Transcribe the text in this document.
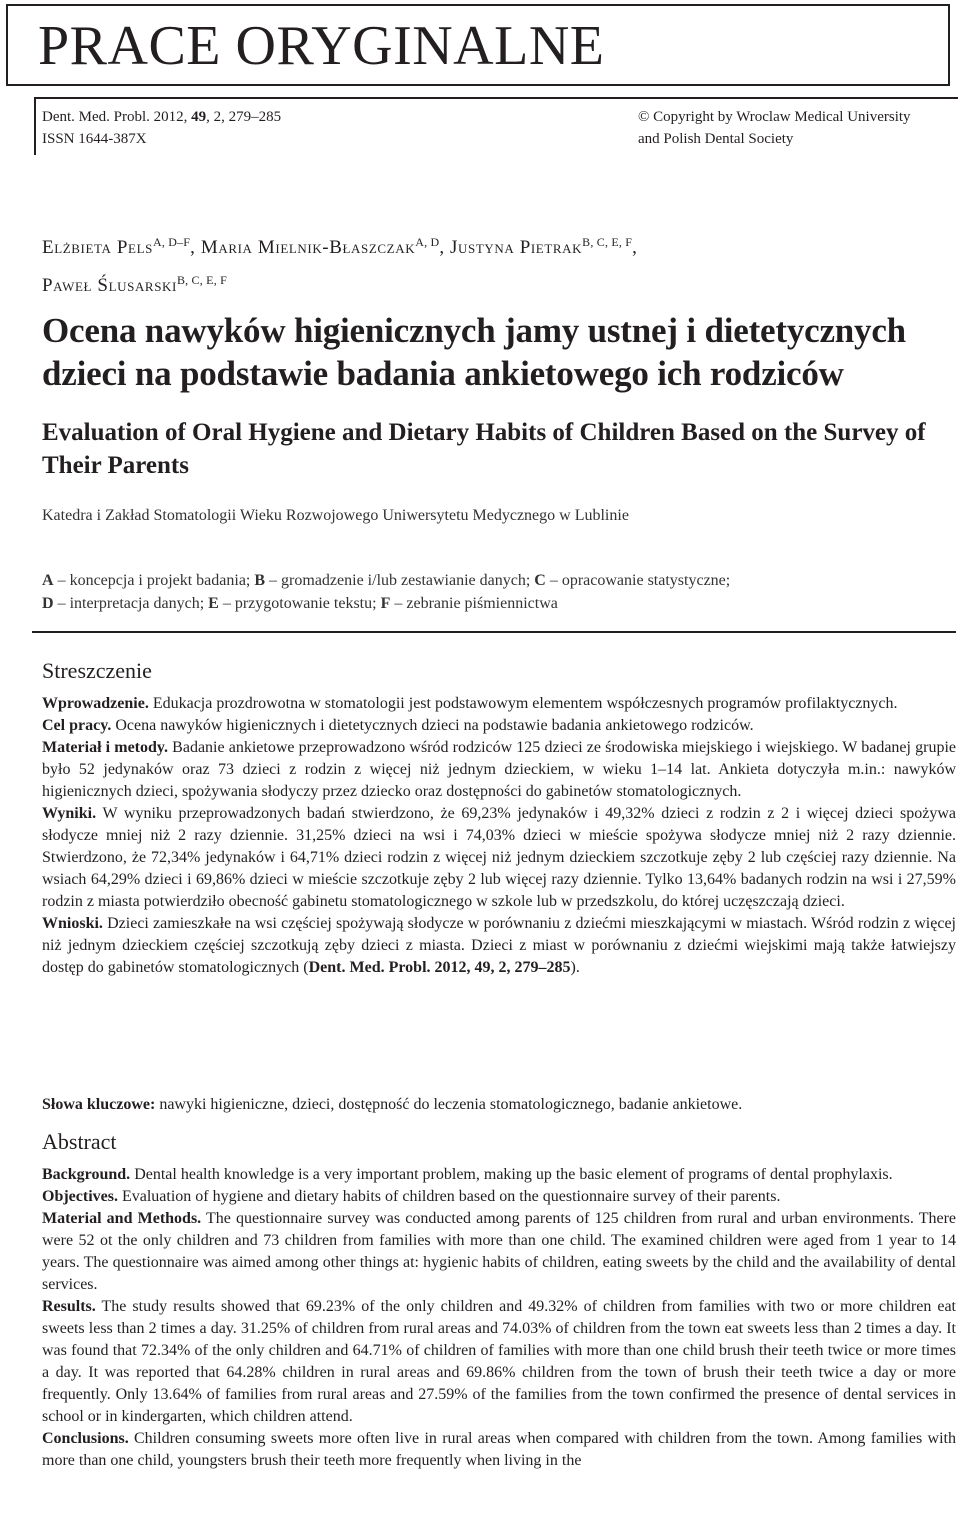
PRACE ORYGINALNE
Dent. Med. Probl. 2012, 49, 2, 279–285
ISSN 1644-387X
© Copyright by Wroclaw Medical University
and Polish Dental Society
Elżbieta Pels$^{A, D-F}$, Maria Mielnik-Błaszczak$^{A, D}$, Justyna Pietrak$^{B, C, E, F}$,
Paweł Ślusarski$^{B, C, E, F}$
Ocena nawyków higienicznych jamy ustnej i dietetycznych dzieci na podstawie badania ankietowego ich rodziców
Evaluation of Oral Hygiene and Dietary Habits of Children Based on the Survey of Their Parents
Katedra i Zakład Stomatologii Wieku Rozwojowego Uniwersytetu Medycznego w Lublinie
A – koncepcja i projekt badania; B – gromadzenie i/lub zestawianie danych; C – opracowanie statystyczne;
D – interpretacja danych; E – przygotowanie tekstu; F – zebranie piśmiennictwa
Streszczenie

Wprowadzenie. Edukacja prozdrowotna w stomatologii jest podstawowym elementem współczesnych programów profilaktycznych.

Cel pracy. Ocena nawyków higienicznych i dietetycznych dzieci na podstawie badania ankietowego rodziców.

Materiał i metody. Badanie ankietowe przeprowadzono wśród rodziców 125 dzieci ze środowiska miejskiego i wiejskiego. W badanej grupie było 52 jedynaków oraz 73 dzieci z rodzin z więcej niż jednym dzieckiem, w wieku 1–14 lat. Ankieta dotyczyła m.in.: nawyków higienicznych dzieci, spożywania słodyczy przez dziecko oraz dostępności do gabinetów stomatologicznych.

Wyniki. W wyniku przeprowadzonych badań stwierdzono, że 69,23% jedynaków i 49,32% dzieci z rodzin z 2 i więcej dzieci spożywa słodycze mniej niż 2 razy dziennie. 31,25% dzieci na wsi i 74,03% dzieci w mieście spożywa słodycze mniej niż 2 razy dziennie. Stwierdzono, że 72,34% jedynaków i 64,71% dzieci rodzin z więcej niż jednym dzieckiem szczotkuje zęby 2 lub częściej razy dziennie. Na wsiach 64,29% dzieci i 69,86% dzieci w mieście szczotkuje zęby 2 lub więcej razy dziennie. Tylko 13,64% badanych rodzin na wsi i 27,59% rodzin z miasta potwierdziło obecność gabinetu stomatologicznego w szkole lub w przedszkolu, do której uczęszczają dzieci.

Wnioski. Dzieci zamieszkałe na wsi częściej spożywają słodycze w porównaniu z dziećmi mieszkającymi w miastach. Wśród rodzin z więcej niż jednym dzieckiem częściej szczotkują zęby dzieci z miasta. Dzieci z miast w porównaniu z dziećmi wiejskimi mają także łatwiejszy dostęp do gabinetów stomatologicznych (Dent. Med. Probl. 2012, 49, 2, 279–285).

Słowa kluczowe: nawyki higieniczne, dzieci, dostępność do leczenia stomatologicznego, badanie ankietowe.

Abstract

Background. Dental health knowledge is a very important problem, making up the basic element of programs of dental prophylaxis.

Objectives. Evaluation of hygiene and dietary habits of children based on the questionnaire survey of their parents.

Material and Methods. The questionnaire survey was conducted among parents of 125 children from rural and urban environments. There were 52 ot the only children and 73 children from families with more than one child. The examined children were aged from 1 year to 14 years. The questionnaire was aimed among other things at: hygienic habits of children, eating sweets by the child and the availability of dental services.

Results. The study results showed that 69.23% of the only children and 49.32% of children from families with two or more children eat sweets less than 2 times a day. 31.25% of children from rural areas and 74.03% of children from the town eat sweets less than 2 times a day. It was found that 72.34% of the only children and 64.71% of children of families with more than one child brush their teeth twice or more times a day. It was reported that 64.28% children in rural areas and 69.86% children from the town of brush their teeth twice a day or more frequently. Only 13.64% of families from rural areas and 27.59% of the families from the town confirmed the presence of dental services in school or in kindergarten, which children attend.

Conclusions. Children consuming sweets more often live in rural areas when compared with children from the town. Among families with more than one child, youngsters brush their teeth more frequently when living in the
